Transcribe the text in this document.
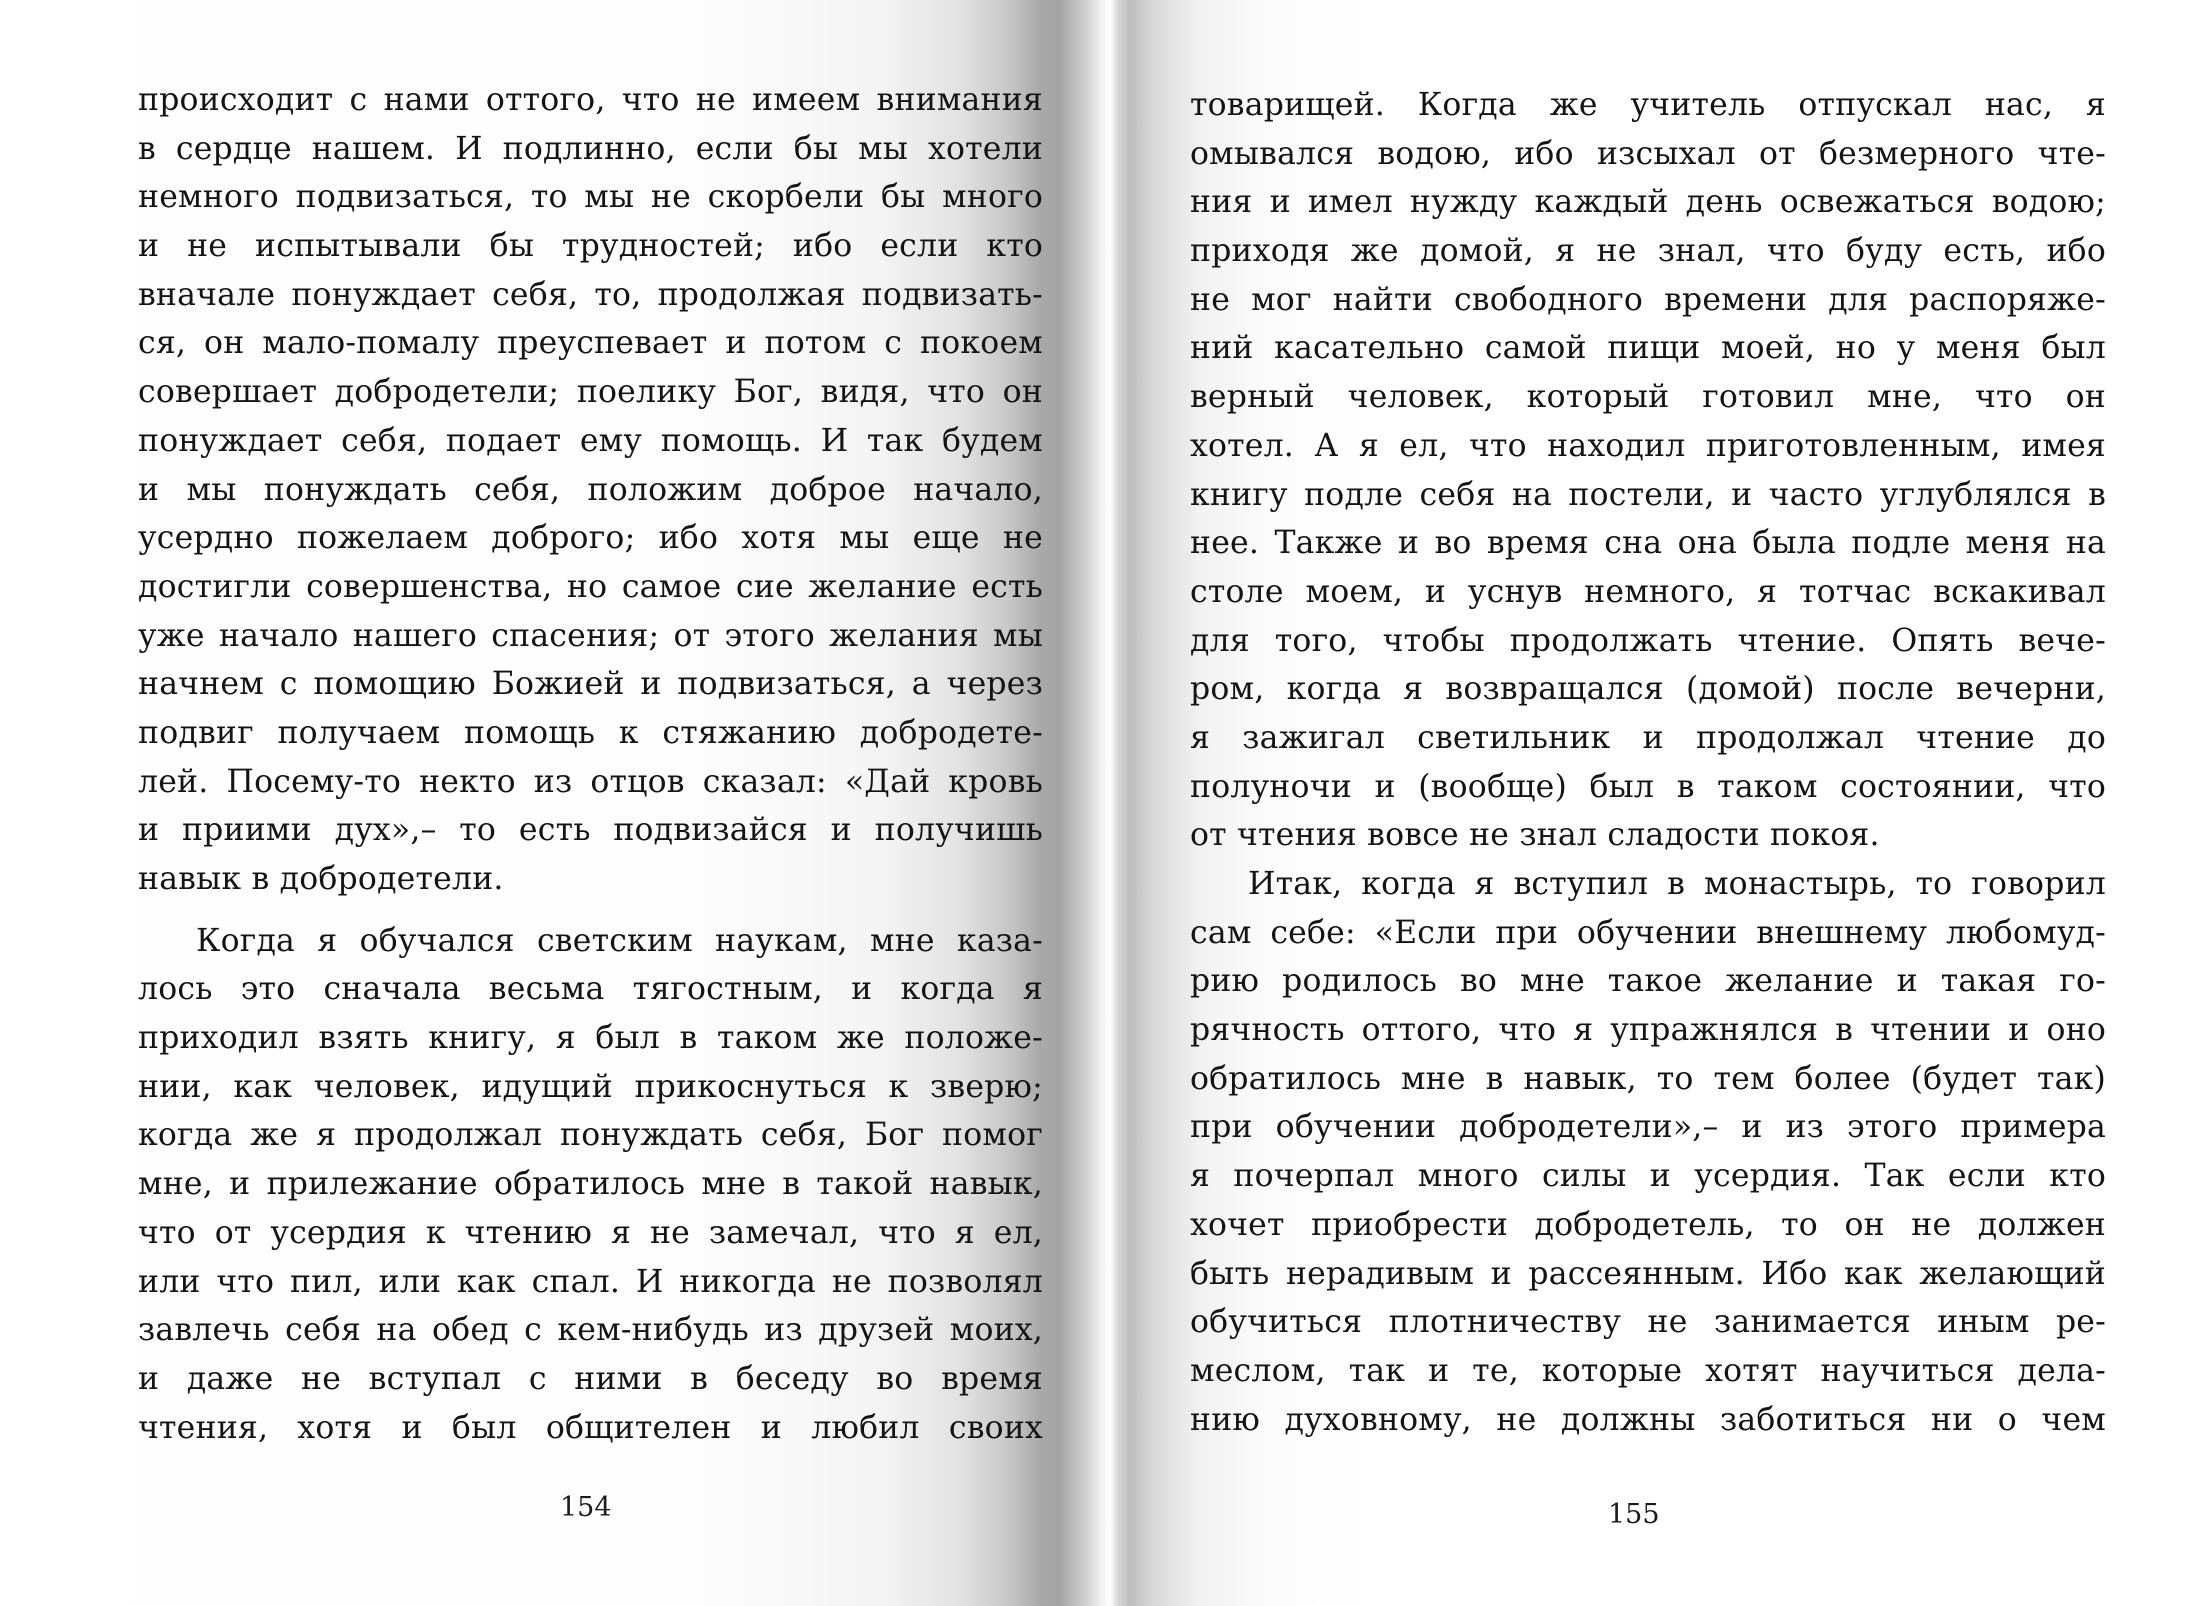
происходит с нами оттого, что не имеем внимания
в сердце нашем. И подлинно, если бы мы хотели
немного подвизаться, то мы не скорбели бы много
и не испытывали бы трудностей; ибо если кто
вначале понуждает себя, то, продолжая подвизать-
ся, он мало-помалу преуспевает и потом с покоем
совершает добродетели; поелику Бог, видя, что он
понуждает себя, подает ему помощь. И так будем
и мы понуждать себя, положим доброе начало,
усердно пожелаем доброго; ибо хотя мы еще не
достигли совершенства, но самое сие желание есть
уже начало нашего спасения; от этого желания мы
начнем с помощию Божией и подвизаться, а через
подвиг получаем помощь к стяжанию добродете-
лей. Посему-то некто из отцов сказал: «Дай кровь
и приими дух»,– то есть подвизайся и получишь
навык в добродетели.
Когда я обучался светским наукам, мне каза-
лось это сначала весьма тягостным, и когда я
приходил взять книгу, я был в таком же положе-
нии, как человек, идущий прикоснуться к зверю;
когда же я продолжал понуждать себя, Бог помог
мне, и прилежание обратилось мне в такой навык,
что от усердия к чтению я не замечал, что я ел,
или что пил, или как спал. И никогда не позволял
завлечь себя на обед с кем-нибудь из друзей моих,
и даже не вступал с ними в беседу во время
чтения, хотя и был общителен и любил своих
154
товарищей. Когда же учитель отпускал нас, я
омывался водою, ибо изсыхал от безмерного чте-
ния и имел нужду каждый день освежаться водою;
приходя же домой, я не знал, что буду есть, ибо
не мог найти свободного времени для распоряже-
ний касательно самой пищи моей, но у меня был
верный человек, который готовил мне, что он
хотел. А я ел, что находил приготовленным, имея
книгу подле себя на постели, и часто углублялся в
нее. Также и во время сна она была подле меня на
столе моем, и уснув немного, я тотчас вскакивал
для того, чтобы продолжать чтение. Опять вече-
ром, когда я возвращался (домой) после вечерни,
я зажигал светильник и продолжал чтение до
полуночи и (вообще) был в таком состоянии, что
от чтения вовсе не знал сладости покоя.
Итак, когда я вступил в монастырь, то говорил
сам себе: «Если при обучении внешнему любомуд-
рию родилось во мне такое желание и такая го-
рячность оттого, что я упражнялся в чтении и оно
обратилось мне в навык, то тем более (будет так)
при обучении добродетели»,– и из этого примера
я почерпал много силы и усердия. Так если кто
хочет приобрести добродетель, то он не должен
быть нерадивым и рассеянным. Ибо как желающий
обучиться плотничеству не занимается иным ре-
меслом, так и те, которые хотят научиться дела-
нию духовному, не должны заботиться ни о чем
155
